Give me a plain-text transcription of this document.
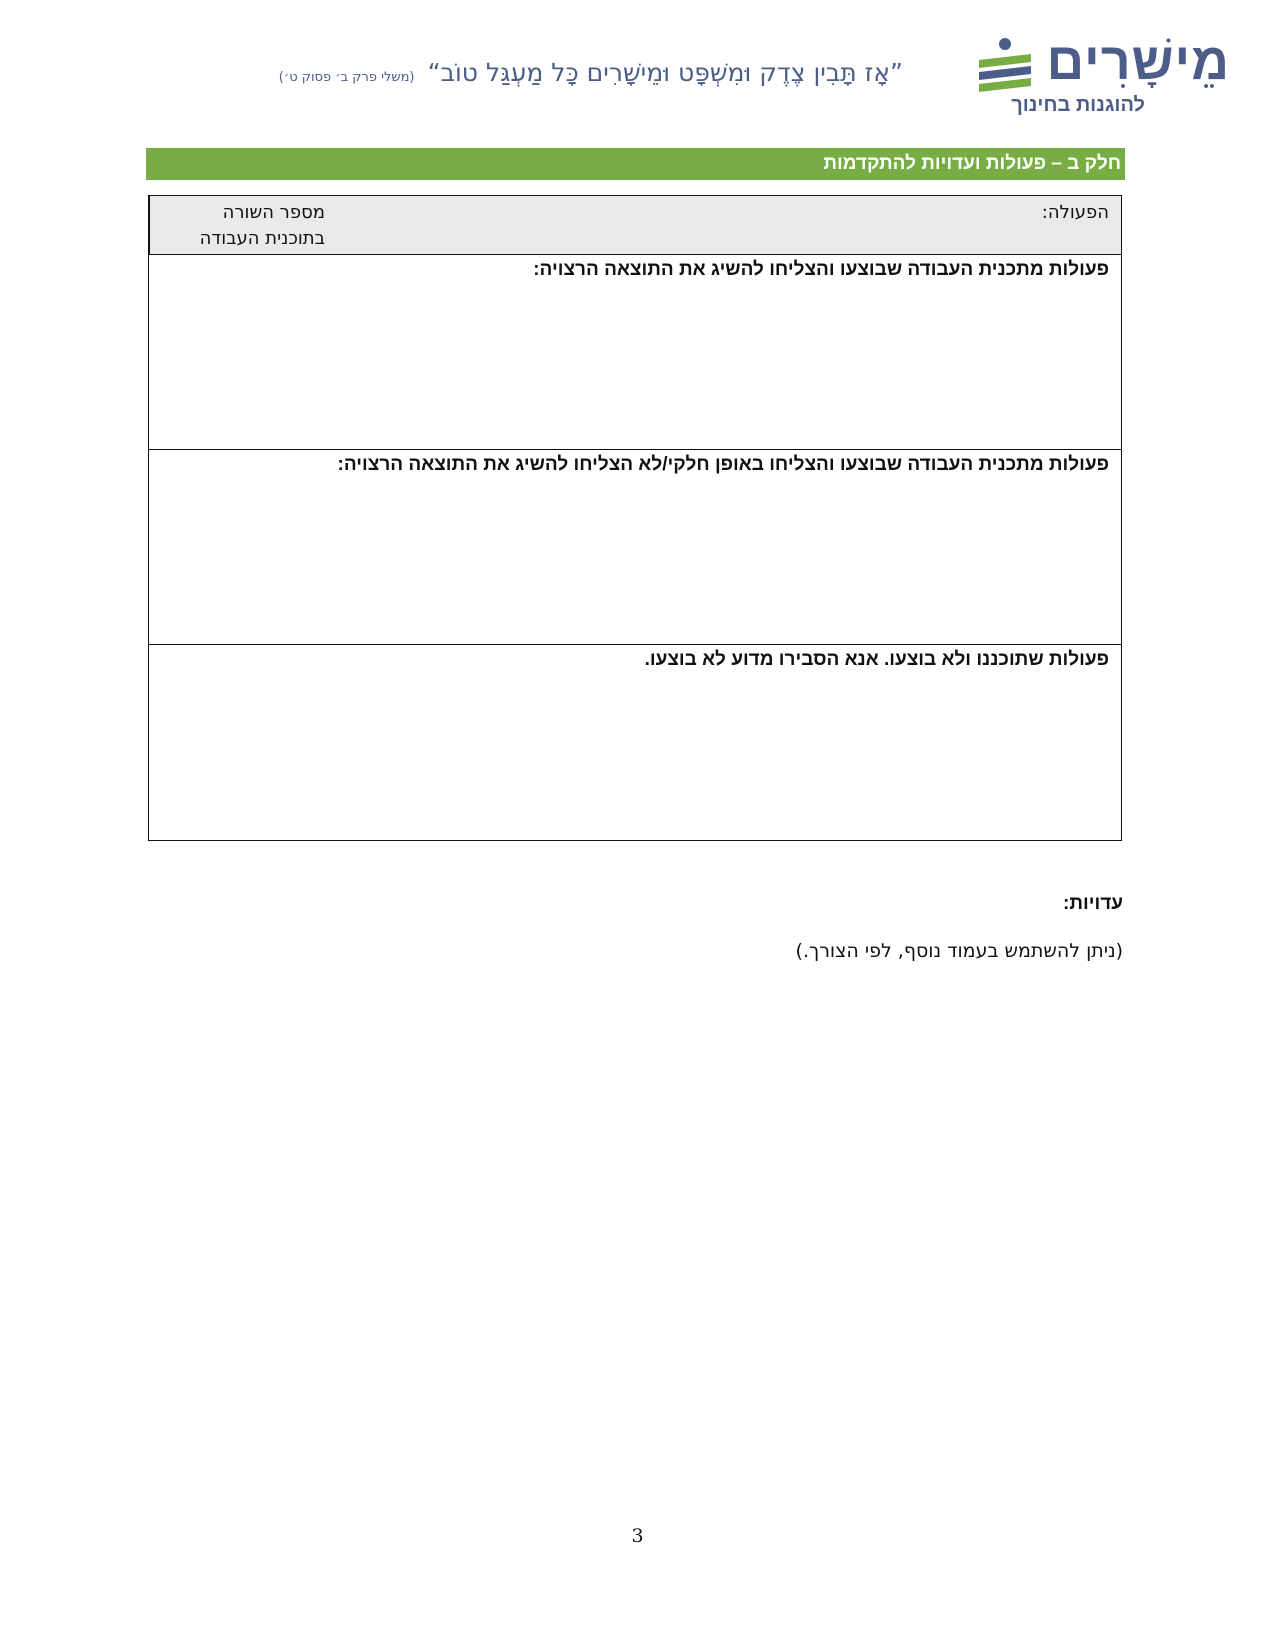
מֵישָׁרִים
להוגנות בחינוך
”אָז תָּבִין צֶדֶק וּמִשְׁפָּט וּמֵישָׁרִים כָּל מַעְגַּל טוֹב“ (משלי פרק ב׳ פסוק ט׳)
חלק ב – פעולות ועדויות להתקדמות
הפעולה:
מספר השורה
בתוכנית העבודה
פעולות מתכנית העבודה שבוצעו והצליחו להשיג את התוצאה הרצויה:
פעולות מתכנית העבודה שבוצעו והצליחו באופן חלקי/לא הצליחו להשיג את התוצאה הרצויה:
פעולות שתוכננו ולא בוצעו. אנא הסבירו מדוע לא בוצעו.
עדויות:
(ניתן להשתמש בעמוד נוסף, לפי הצורך.)
3
